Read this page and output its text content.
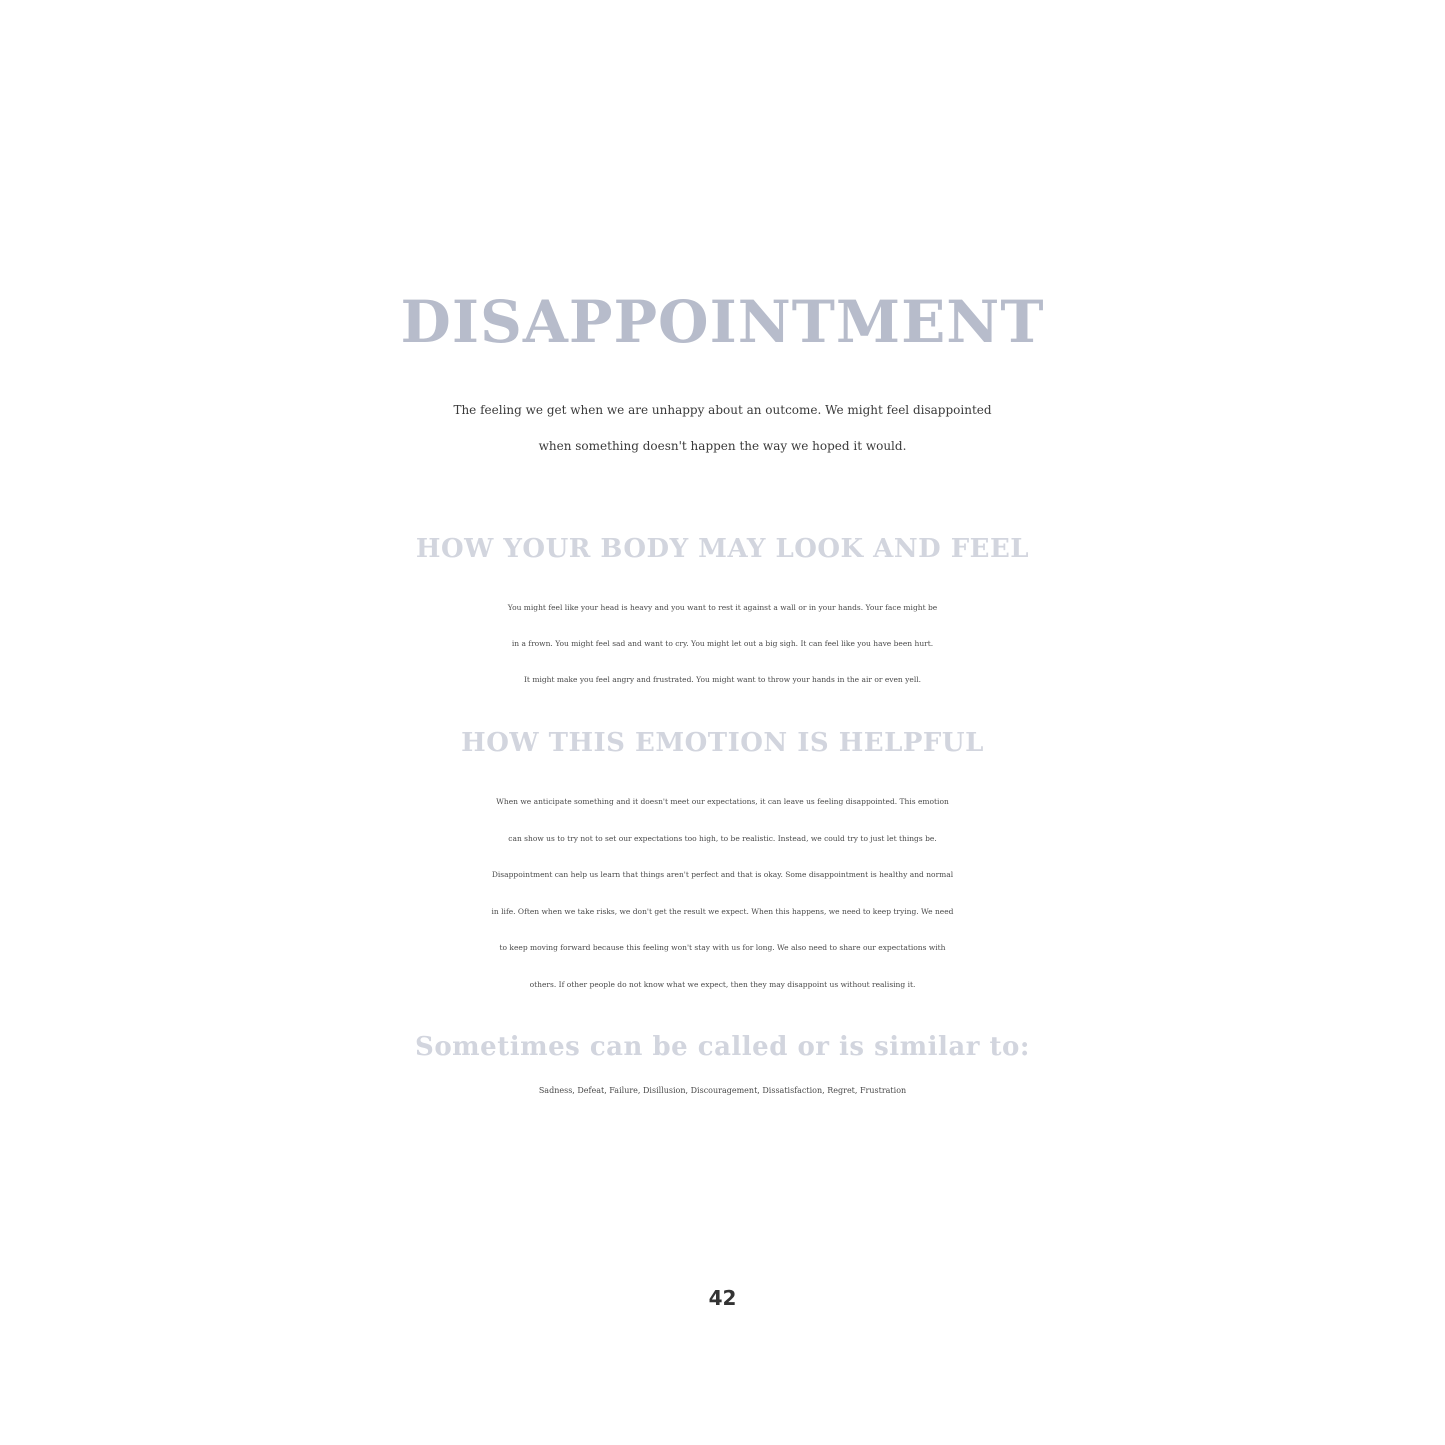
DISAPPOINTMENT

The feeling we get when we are unhappy about an outcome. We might feel disappointed
when something doesn't happen the way we hoped it would.

HOW YOUR BODY MAY LOOK AND FEEL

You might feel like your head is heavy and you want to rest it against a wall or in your hands. Your face might be
in a frown. You might feel sad and want to cry. You might let out a big sigh. It can feel like you have been hurt.
It might make you feel angry and frustrated. You might want to throw your hands in the air or even yell.

HOW THIS EMOTION IS HELPFUL

When we anticipate something and it doesn't meet our expectations, it can leave us feeling disappointed. This emotion
can show us to try not to set our expectations too high, to be realistic. Instead, we could try to just let things be.
Disappointment can help us learn that things aren't perfect and that is okay. Some disappointment is healthy and normal
in life. Often when we take risks, we don't get the result we expect. When this happens, we need to keep trying. We need
to keep moving forward because this feeling won't stay with us for long. We also need to share our expectations with
others. If other people do not know what we expect, then they may disappoint us without realising it.

Sometimes can be called or is similar to:

Sadness, Defeat, Failure, Disillusion, Discouragement, Dissatisfaction, Regret, Frustration

42
